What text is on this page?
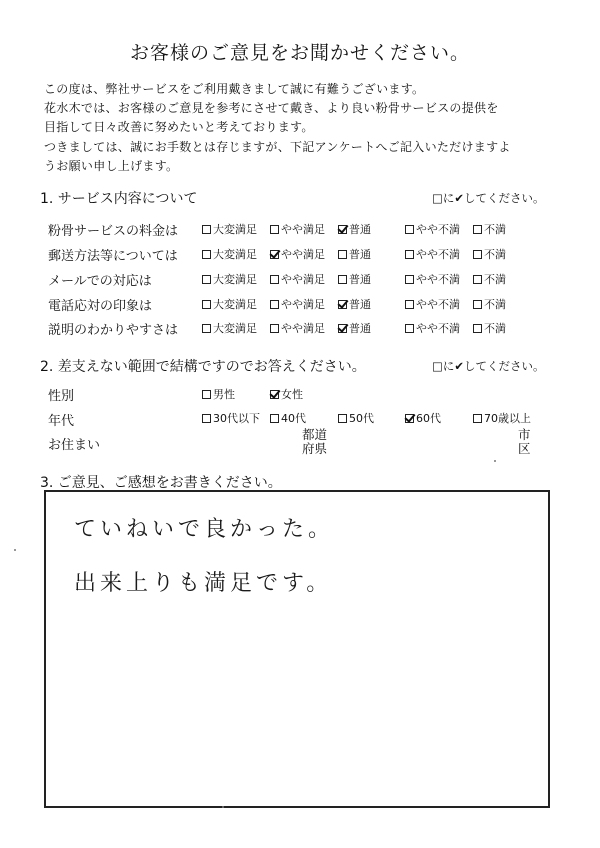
お客様のご意見をお聞かせください。
この度は、弊社サービスをご利用戴きまして誠に有難うございます。
花水木では、お客様のご意見を参考にさせて戴き、より良い粉骨サービスの提供を
目指して日々改善に努めたいと考えております。
つきましては、誠にお手数とは存じますが、下記アンケートへご記入いただけますよ
うお願い申し上げます。
1. サービス内容について	□に✔してください。
粉骨サービスの料金は	大変満足 やや満足 普通	やや不満 不満
郵送方法等については	大変満足 やや満足 普通	やや不満 不満
メールでの対応は	大変満足 やや満足 普通	やや不満 不満
電話応対の印象は	大変満足 やや満足 普通	やや不満 不満
説明のわかりやすさは	大変満足 やや満足 普通	やや不満 不満
2. 差支えない範囲で結構ですのでお答えください。	□に✔してください。
性別	男性	女性
年代	30代以下 40代	50代	60代	70歳以上
お住まい
都道
府県
市
区
3. ご意見、ご感想をお書きください。
ていねいで良かった。
出来上りも満足です。
